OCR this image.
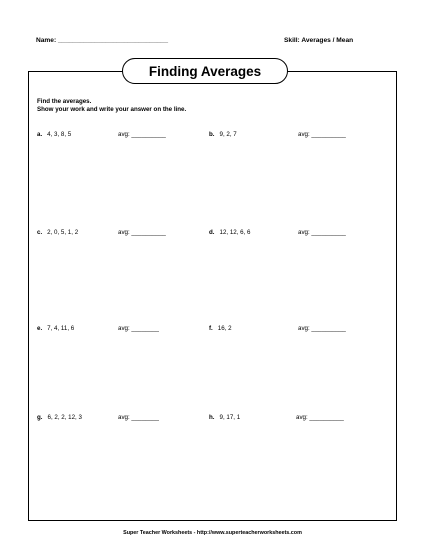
Name: ______________________________	Skill: Averages / Mean
Finding Averages
Find the averages.
Show your work and write your answer on the line.
a. 4, 3, 8, 5	avg: __________	b. 9, 2, 7	avg: __________
c. 2, 0, 5, 1, 2	avg: __________	d. 12, 12, 6, 6	avg: __________
e. 7, 4, 11, 6	avg: ________	f. 16, 2	avg: __________
g. 6, 2, 2, 12, 3	avg: ________	h. 9, 17, 1	avg: __________
Super Teacher Worksheets - http://www.superteacherworksheets.com
